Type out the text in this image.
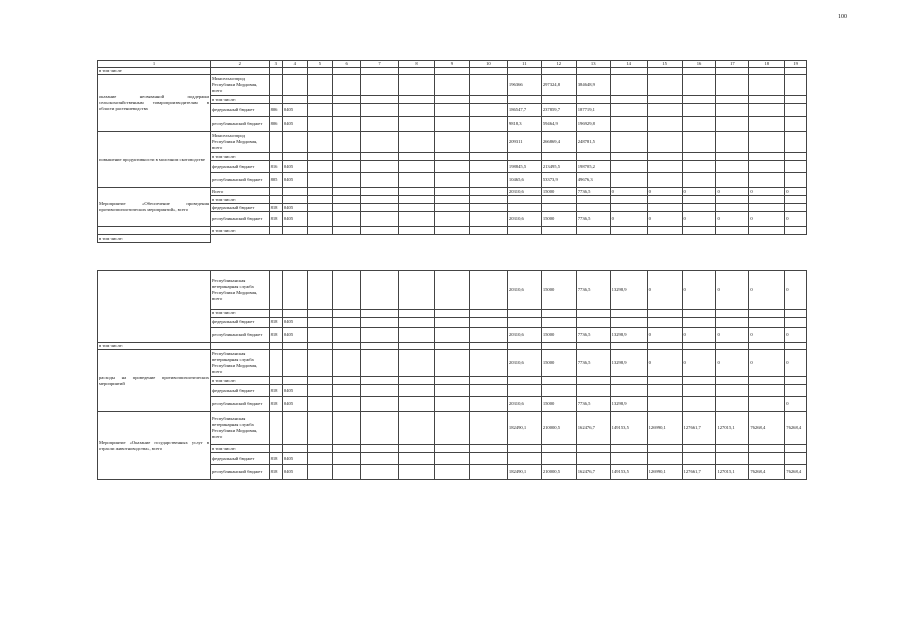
100
1	2	3	4	5	6	7	8	9	10	11	12	13	14	15	16	17	18	19
в том числе																		
оказание несвязанной поддержки сельскохозяйственным товаропроизводителям в области растениеводства	Минсельхозпрод Республики Мордовия, всего									196366	297324,8	384648,9						
	в том числе:																	
	федеральный бюджет	806	0405							186547,7	237859,7	187719,1						
	республиканский бюджет	806	0405							9818,3	59464,9	196929,8						
повышение продуктивности в молочном скотоводстве	Минсельхозпрод Республики Мордовия, всего									209311	266869,4	248781,5						
	в том числе:																	
	федеральный бюджет	816	0405							198845,5	213495,5	198705,2						
	республиканский бюджет	805	0405							10465,6	53373,9	49676,3						
Мероприятие «Обеспечение проведения противоэпизоотических мероприятий», всего	Всего									20310,6	15000	7736,5	0	0	0	0	0	0
	в том числе:																	
	федеральный бюджет	818	0405															
	республиканский бюджет	818	0405							20310,6	15000	7736,5	0	0	0	0	0	0
	в том числе:																	
в том числе:																		
	Республиканская ветеринарная служба Республики Мордовия, всего									20310,6	15000	7736,5	13298,9	0	0	0	0	0
	в том числе:																	
	федеральный бюджет	818	0405															
	республиканский бюджет	818	0405							20310,6	15000	7736,5	13298,9	0	0	0	0	0
в том числе:																		
расходы на проведение противоэпизоотических мероприятий	Республиканская ветеринарная служба Республики Мордовия, всего									20310,6	15000	7736,5	13298,9	0	0	0	0	0
	в том числе:																	
	федеральный бюджет	818	0405															
	республиканский бюджет	818	0405							20310,6	15000	7736,5	13298,9					0
Мероприятие «Оказание государственных услуг в отрасли животноводства», всего	Республиканская ветеринарная служба Республики Мордовия, всего									182490,1	210000,5	162476,7	149153,5	126990,1	127661,7	127015,1	76268,4	76268,4
	в том числе:																	
	федеральный бюджет	818	0405															
	республиканский бюджет	818	0405							182490,1	210000,5	162476,7	149153,5	126990,1	127661,7	127015,1	76268,4	76268,4
